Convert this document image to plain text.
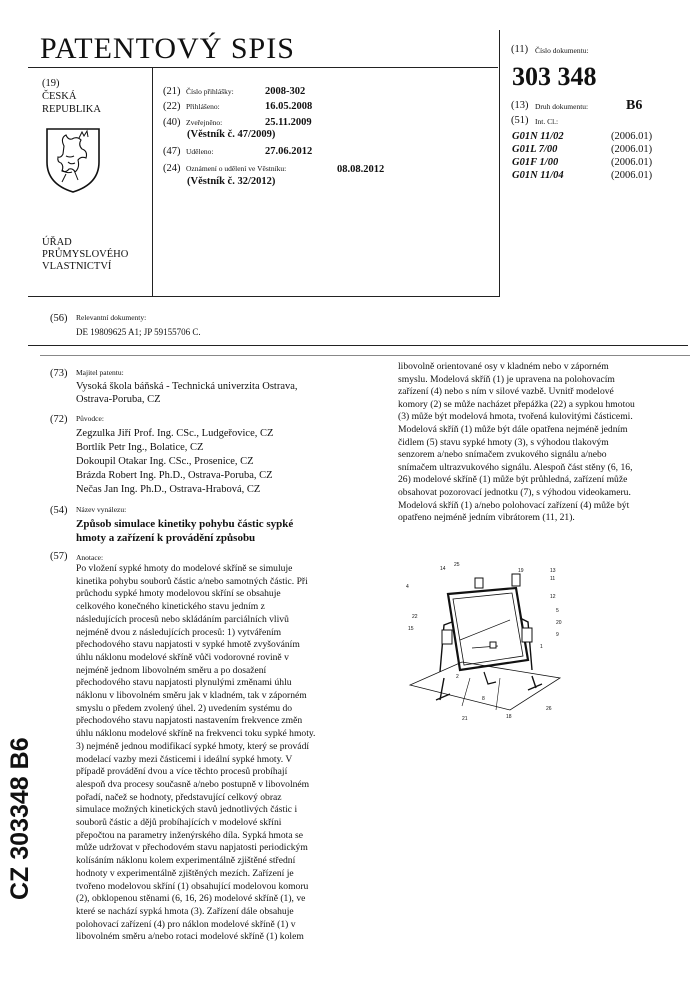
PATENTOVÝ SPIS
(19)
ČESKÁ
REPUBLIKA
ÚŘAD
PRŮMYSLOVÉHO
VLASTNICTVÍ
(21) Číslo přihlášky:	2008-302
(22) Přihlášeno:	16.05.2008
(40) Zveřejněno:	25.11.2009
(Věstník č. 47/2009)
(47) Uděleno:	27.06.2012
(24) Oznámení o udělení ve Věstníku:	08.08.2012
(Věstník č. 32/2012)
(11) Číslo dokumentu:
303 348
(13) Druh dokumentu:	B6
(51) Int. Cl.:
G01N 11/02	(2006.01)
G01L 7/00	(2006.01)
G01F 1/00	(2006.01)
G01N 11/04	(2006.01)
(56) Relevantní dokumenty:
DE 19809625 A1; JP 59155706 C.
(73) Majitel patentu:
Vysoká škola báňská - Technická univerzita Ostrava,
Ostrava-Poruba, CZ
(72) Původce:
Zegzulka Jiří Prof. Ing. CSc., Ludgeřovice, CZ
Bortlík Petr Ing., Bolatice, CZ
Dokoupil Otakar Ing. CSc., Prosenice, CZ
Brázda Robert Ing. Ph.D., Ostrava-Poruba, CZ
Nečas Jan Ing. Ph.D., Ostrava-Hrabová, CZ
(54) Název vynálezu:
Způsob simulace kinetiky pohybu částic sypké
hmoty a zařízení k provádění způsobu
(57) Anotace:
Po vložení sypké hmoty do modelové skříně se simuluje
kinetika pohybu souborů částic a/nebo samotných částic. Při
průchodu sypké hmoty modelovou skříní se obsahuje
celkového konečného kinetického stavu jedním z
následujících procesů nebo skládáním parciálních vlivů
nejméně dvou z následujících procesů: 1) vytvářením
přechodového stavu napjatosti v sypké hmotě zvyšováním
úhlu náklonu modelové skříně vůči vodorovné rovině v
nejméně jednom libovolném směru a po dosažení
přechodového stavu napjatosti plynulými změnami úhlu
náklonu v libovolném směru jak v kladném, tak v záporném
smyslu o předem zvolený úhel. 2) uvedením systému do
přechodového stavu napjatosti nastavením frekvence změn
úhlu náklonu modelové skříně na frekvenci toku sypké hmoty.
3) nejméně jednou modifikací sypké hmoty, který se provádí
modelací vazby mezi částicemi i ideální sypké hmoty. V
případě provádění dvou a více těchto procesů probíhají
alespoň dva procesy současně a/nebo postupně v libovolném
pořadí, načež se hodnoty, představující celkový obraz
simulace možných kinetických stavů jednotlivých částic i
souborů částic a dějů probíhajících v modelové skříni
přepočtou na parametry inženýrského díla. Sypká hmota se
může udržovat v přechodovém stavu napjatosti periodickým
kolísáním náklonu kolem experimentálně zjištěné střední
hodnoty v experimentálně zjištěných mezích. Zařízení je
tvořeno modelovou skříní (1) obsahující modelovou komoru
(2), obklopenou stěnami (6, 16, 26) modelové skříně (1), ve
které se nachází sypká hmota (3). Zařízení dále obsahuje
polohovací zařízení (4) pro náklon modelové skříně (1) v
libovolném směru a/nebo rotaci modelové skříně (1) kolem
libovolně orientované osy v kladném nebo v záporném
smyslu. Modelová skříň (1) je upravena na polohovacím
zařízení (4) nebo s ním v silové vazbě. Uvnitř modelové
komory (2) se může nacházet přepážka (22) a sypkou hmotou
(3) může být modelová hmota, tvořená kulovitými částicemi.
Modelová skříň (1) může být dále opatřena nejméně jedním
čidlem (5) stavu sypké hmoty (3), s výhodou tlakovým
senzorem a/nebo snímačem zvukového signálu a/nebo
snímačem ultrazvukového signálu. Alespoň část stěny (6, 16,
26) modelové skříně (1) může být průhledná, zařízení může
obsahovat pozorovací jednotku (7), s výhodou videokameru.
Modelová skříň (1) a/nebo polohovací zařízení (4) může být
opatřeno nejméně jedním vibrátorem (11, 21).
25
14	19	13
11
4
12
22
15
5
20
9
1
2
8
21	18
26
CZ 303348 B6
